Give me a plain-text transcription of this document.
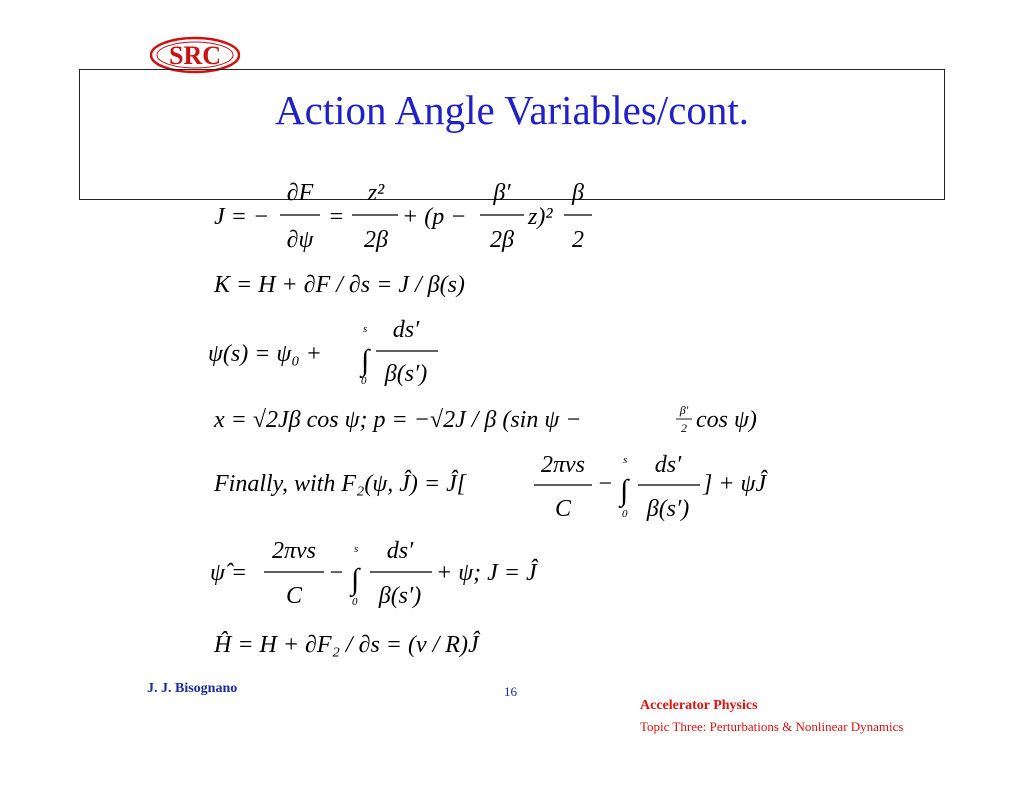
SRC
Action Angle Variables/cont.
J = −
∂F
∂ψ
=
z²
2β
+ (p −
β′
2β
z)²
β
2
K = H + ∂F / ∂s = J / β(s)
ψ(s) = ψ₀ + ∫
s
0
ds′
β(s′)
x = √2Jβ cos ψ; p = −√2J / β (sin ψ −	β′
2 cos ψ)
Finally, with F₂(ψ, Ĵ) = Ĵ[
2πνs
C
− ∫
s
0
ds′
β(s′)
] + ψĴ
ψ̂ =
2πνs
C
− ∫
s
0
ds′
β(s′)
+ ψ; J = Ĵ
Ĥ = H + ∂F₂ / ∂s = (ν / R)Ĵ
J. J. Bisognano	16
Accelerator Physics
Topic Three: Perturbations & Nonlinear Dynamics
